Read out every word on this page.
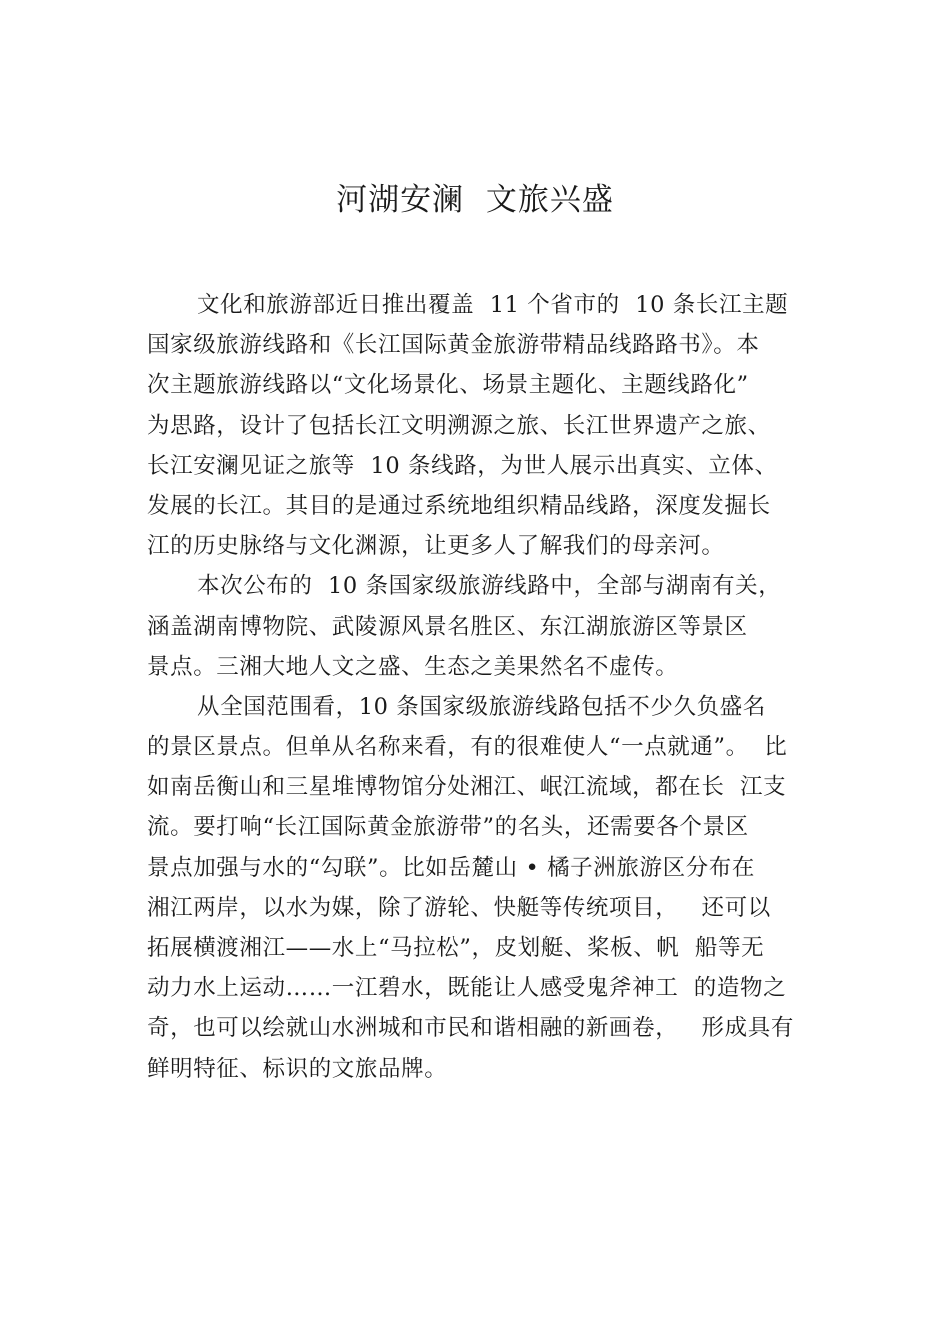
河湖安澜  文旅兴盛
文化和旅游部近日推出覆盖  11 个省市的  10 条长江主题
国家级旅游线路和《长江国际黄金旅游带精品线路路书》。本
次主题旅游线路以“文化场景化、场景主题化、主题线路化”
为思路，设计了包括长江文明溯源之旅、长江世界遗产之旅、
长江安澜见证之旅等  10 条线路，为世人展示出真实、立体、
发展的长江。其目的是通过系统地组织精品线路，深度发掘长
江的历史脉络与文化渊源，让更多人了解我们的母亲河。
本次公布的  10 条国家级旅游线路中，全部与湖南有关，
涵盖湖南博物院、武陵源风景名胜区、东江湖旅游区等景区
景点。三湘大地人文之盛、生态之美果然名不虚传。
从全国范围看，10 条国家级旅游线路包括不少久负盛名
的景区景点。但单从名称来看，有的很难使人“一点就通”。  比
如南岳衡山和三星堆博物馆分处湘江、岷江流域，都在长  江支
流。要打响“长江国际黄金旅游带”的名头，还需要各个景区
景点加强与水的“勾联”。比如岳麓山 • 橘子洲旅游区分布在
湘江两岸，以水为媒，除了游轮、快艇等传统项目，   还可以
拓展横渡湘江——水上“马拉松”，皮划艇、桨板、帆  船等无
动力水上运动……一江碧水，既能让人感受鬼斧神工  的造物之
奇，也可以绘就山水洲城和市民和谐相融的新画卷，   形成具有
鲜明特征、标识的文旅品牌。
